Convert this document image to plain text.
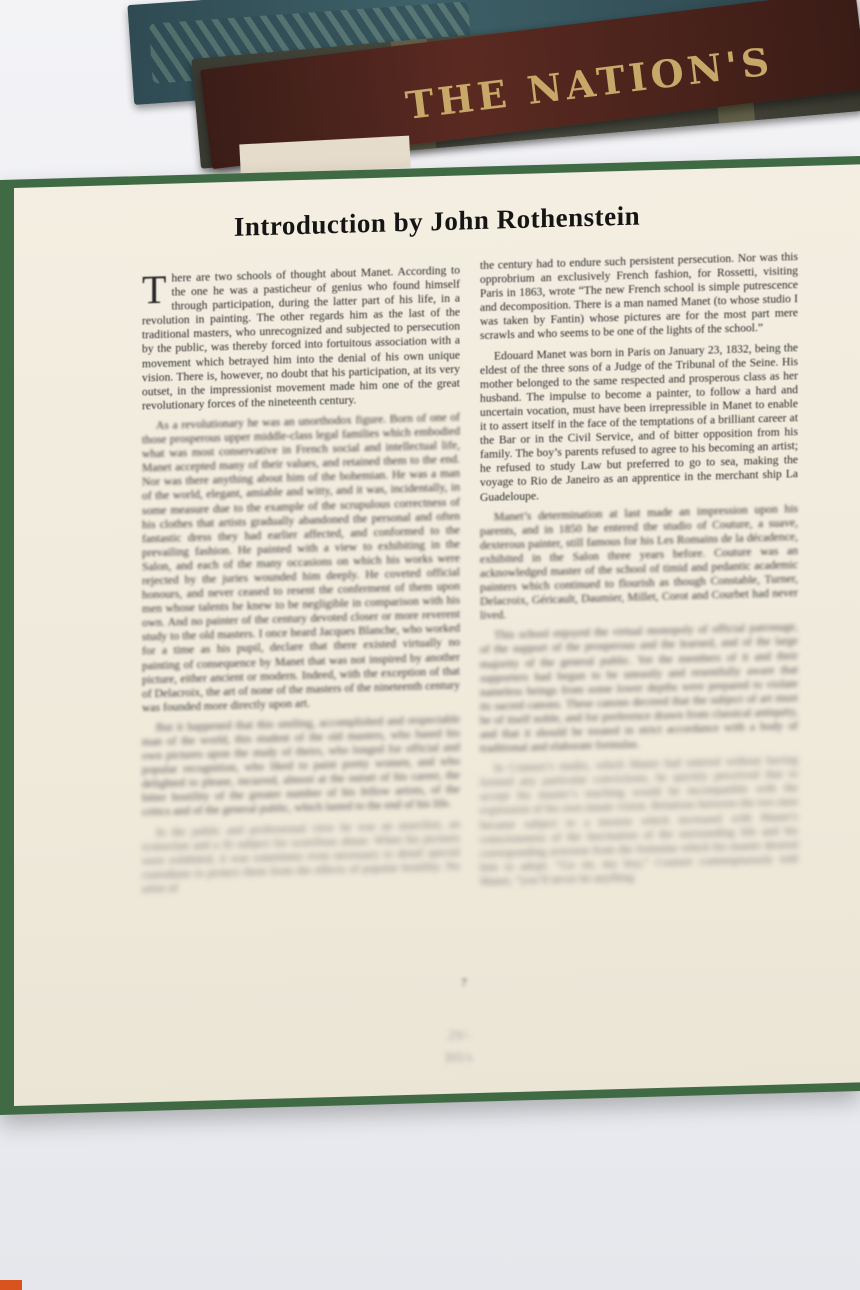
THE NATION'S
Introduction by John Rothenstein

There are two schools of thought about Manet. According to the one he was a pasticheur of genius who found himself through participation, during the latter part of his life, in a revolution in painting. The other regards him as the last of the traditional masters, who unrecognized and subjected to persecution by the public, was thereby forced into fortuitous association with a movement which betrayed him into the denial of his own unique vision. There is, however, no doubt that his participation, at its very outset, in the impressionist movement made him one of the great revolutionary forces of the nineteenth century.

As a revolutionary he was an unorthodox figure. Born of one of those prosperous upper middle-class legal families which embodied what was most conservative in French social and intellectual life, Manet accepted many of their values, and retained them to the end. Nor was there anything about him of the bohemian. He was a man of the world, elegant, amiable and witty, and it was, incidentally, in some measure due to the example of the scrupulous correctness of his clothes that artists gradually abandoned the personal and often fantastic dress they had earlier affected, and conformed to the prevailing fashion. He painted with a view to exhibiting in the Salon, and each of the many occasions on which his works were rejected by the juries wounded him deeply. He coveted official honours, and never ceased to resent the conferment of them upon men whose talents he knew to be negligible in comparison with his own. And no painter of the century devoted closer or more reverent study to the old masters. I once heard Jacques Blanche, who worked for a time as his pupil, declare that there existed virtually no painting of consequence by Manet that was not inspired by another picture, either ancient or modern. Indeed, with the exception of that of Delacroix, the art of none of the masters of the nineteenth century was founded more directly upon art.

But it happened that this smiling, accomplished and respectable man of the world, this student of the old masters, who based his own pictures upon the study of theirs, who longed for official and popular recognition, who liked to paint pretty women, and who delighted to please, incurred, almost at the outset of his career, the bitter hostility of the greater number of his fellow artists, of the critics and of the general public, which lasted to the end of his life.

In the public and professional view he was an anarchist, an iconoclast and a fit subject for scurrilous abuse. When his pictures were exhibited, it was sometimes even necessary to detail special custodians to protect them from the effects of popular hostility. No artist of

the century had to endure such persistent persecution. Nor was this opprobrium an exclusively French fashion, for Rossetti, visiting Paris in 1863, wrote “The new French school is simple putrescence and decomposition. There is a man named Manet (to whose studio I was taken by Fantin) whose pictures are for the most part mere scrawls and who seems to be one of the lights of the school.”

Edouard Manet was born in Paris on January 23, 1832, being the eldest of the three sons of a Judge of the Tribunal of the Seine. His mother belonged to the same respected and prosperous class as her husband. The impulse to become a painter, to follow a hard and uncertain vocation, must have been irrepressible in Manet to enable it to assert itself in the face of the temptations of a brilliant career at the Bar or in the Civil Service, and of bitter opposition from his family. The boy’s parents refused to agree to his becoming an artist; he refused to study Law but preferred to go to sea, making the voyage to Rio de Janeiro as an apprentice in the merchant ship La Guadeloupe.

Manet’s determination at last made an impression upon his parents, and in 1850 he entered the studio of Couture, a suave, dexterous painter, still famous for his Les Romains de la décadence, exhibited in the Salon three years before. Couture was an acknowledged master of the school of timid and pedantic academic painters which continued to flourish as though Constable, Turner, Delacroix, Géricault, Daumier, Millet, Corot and Courbet had never lived.

This school enjoyed the virtual monopoly of official patronage, of the support of the prosperous and the learned, and of the large majority of the general public. Yet the members of it and their supporters had begun to be uneasily and resentfully aware that nameless beings from some lower depths were prepared to violate its sacred canons. These canons decreed that the subject of art must be of itself noble, and for preference drawn from classical antiquity, and that it should be treated in strict accordance with a body of traditional and elaborate formulas.

In Couture’s studio, which Manet had entered without having formed any particular convictions, he quickly perceived that to accept his master’s teaching would be incompatible with the expression of his own innate vision. Relations between the two men became subject to a tension which increased with Manet’s consciousness of the fascination of the surrounding life and his corresponding aversion from the formulas which his master desired him to adopt. “Go on, my boy,” Couture contemptuously told Manet, “you’ll never be anything

7
29/-
Bfi/s
